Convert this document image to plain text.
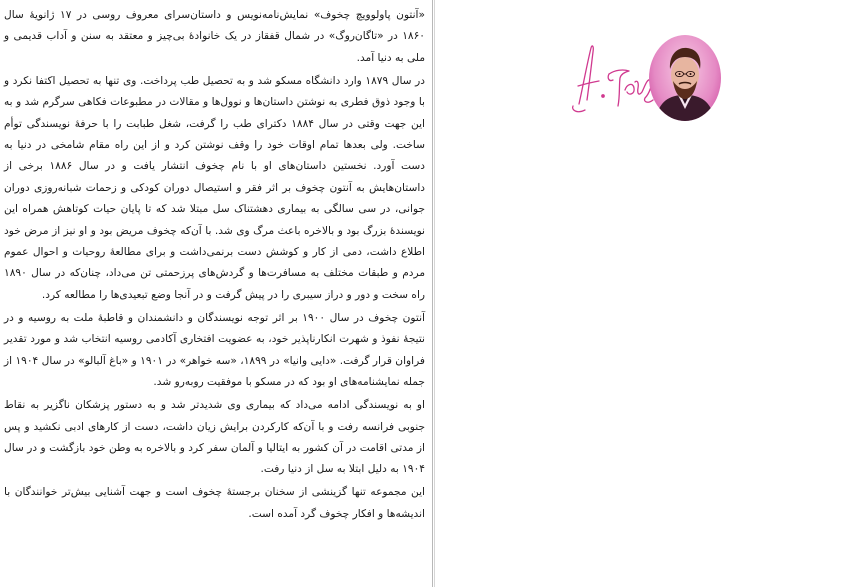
«آنتون پاولوویچ چخوف» نمایش‌نامه‌نویس و داستان‌سرای معروف روسی در ۱۷ ژانویهٔ سال ۱۸۶۰ در «تاگان‌روگ» در شمال قفقاز در یک خانوادهٔ بی‌چیز و معتقد به سنن و آداب قدیمی و ملی به دنیا آمد.

در سال ۱۸۷۹ وارد دانشگاه مسکو شد و به تحصیل طب پرداخت. وی تنها به تحصیل اکتفا نکرد و با وجود ذوق فطری به نوشتن داستان‌ها و نوول‌ها و مقالات در مطبوعات فکاهی سرگرم شد و به این جهت وقتی در سال ۱۸۸۴ دکترای طب را گرفت، شغل طبابت را با حرفهٔ نویسندگی توأم ساخت. ولی بعدها تمام اوقات خود را وقف نوشتن کرد و از این راه مقام شامخی در دنیا به دست آورد. نخستین داستان‌های او با نام چخوف انتشار یافت و در سال ۱۸۸۶ برخی از داستان‌هایش به آنتون چخوف بر اثر فقر و استیصال دوران کودکی و زحمات شبانه‌روزی دوران جوانی، در سی سالگی به بیماری دهشتناک سل مبتلا شد که تا پایان حیات کوتاهش همراه این نویسندهٔ بزرگ بود و بالاخره باعث مرگ وی شد. با آن‌که چخوف مریض بود و او نیز از مرض خود اطلاع داشت، دمی از کار و کوشش دست برنمی‌داشت و برای مطالعهٔ روحیات و احوال عموم مردم و طبقات مختلف به مسافرت‌ها و گردش‌های پرزحمتی تن می‌داد، چنان‌که در سال ۱۸۹۰ راه سخت و دور و دراز سیبری را در پیش گرفت و در آنجا وضع تبعیدی‌ها را مطالعه کرد.

آنتون چخوف در سال ۱۹۰۰ بر اثر توجه نویسندگان و دانشمندان و قاطبهٔ ملت به روسیه و در نتیجهٔ نفوذ و شهرت انکارناپذیر خود، به عضویت افتخاری آکادمی روسیه انتخاب شد و مورد تقدیر فراوان قرار گرفت. «دایی وانیا» در ۱۸۹۹، «سه خواهر» در ۱۹۰۱ و «باغ آلبالو» در سال ۱۹۰۴ از جمله نمایشنامه‌های او بود که در مسکو با موفقیت روبه‌رو شد.

او به نویسندگی ادامه می‌داد که بیماری وی شدیدتر شد و به دستور پزشکان ناگزیر به نقاط جنوبی فرانسه رفت و با آن‌که کارکردن برایش زیان داشت، دست از کارهای ادبی نکشید و پس از مدتی اقامت در آن کشور به ایتالیا و آلمان سفر کرد و بالاخره به وطن خود بازگشت و در سال ۱۹۰۴ به دلیل ابتلا به سل از دنیا رفت.

این مجموعه تنها گزینشی از سخنان برجستهٔ چخوف است و جهت آشنایی بیش‌تر خوانندگان با اندیشه‌ها و افکار چخوف گرد آمده است.
